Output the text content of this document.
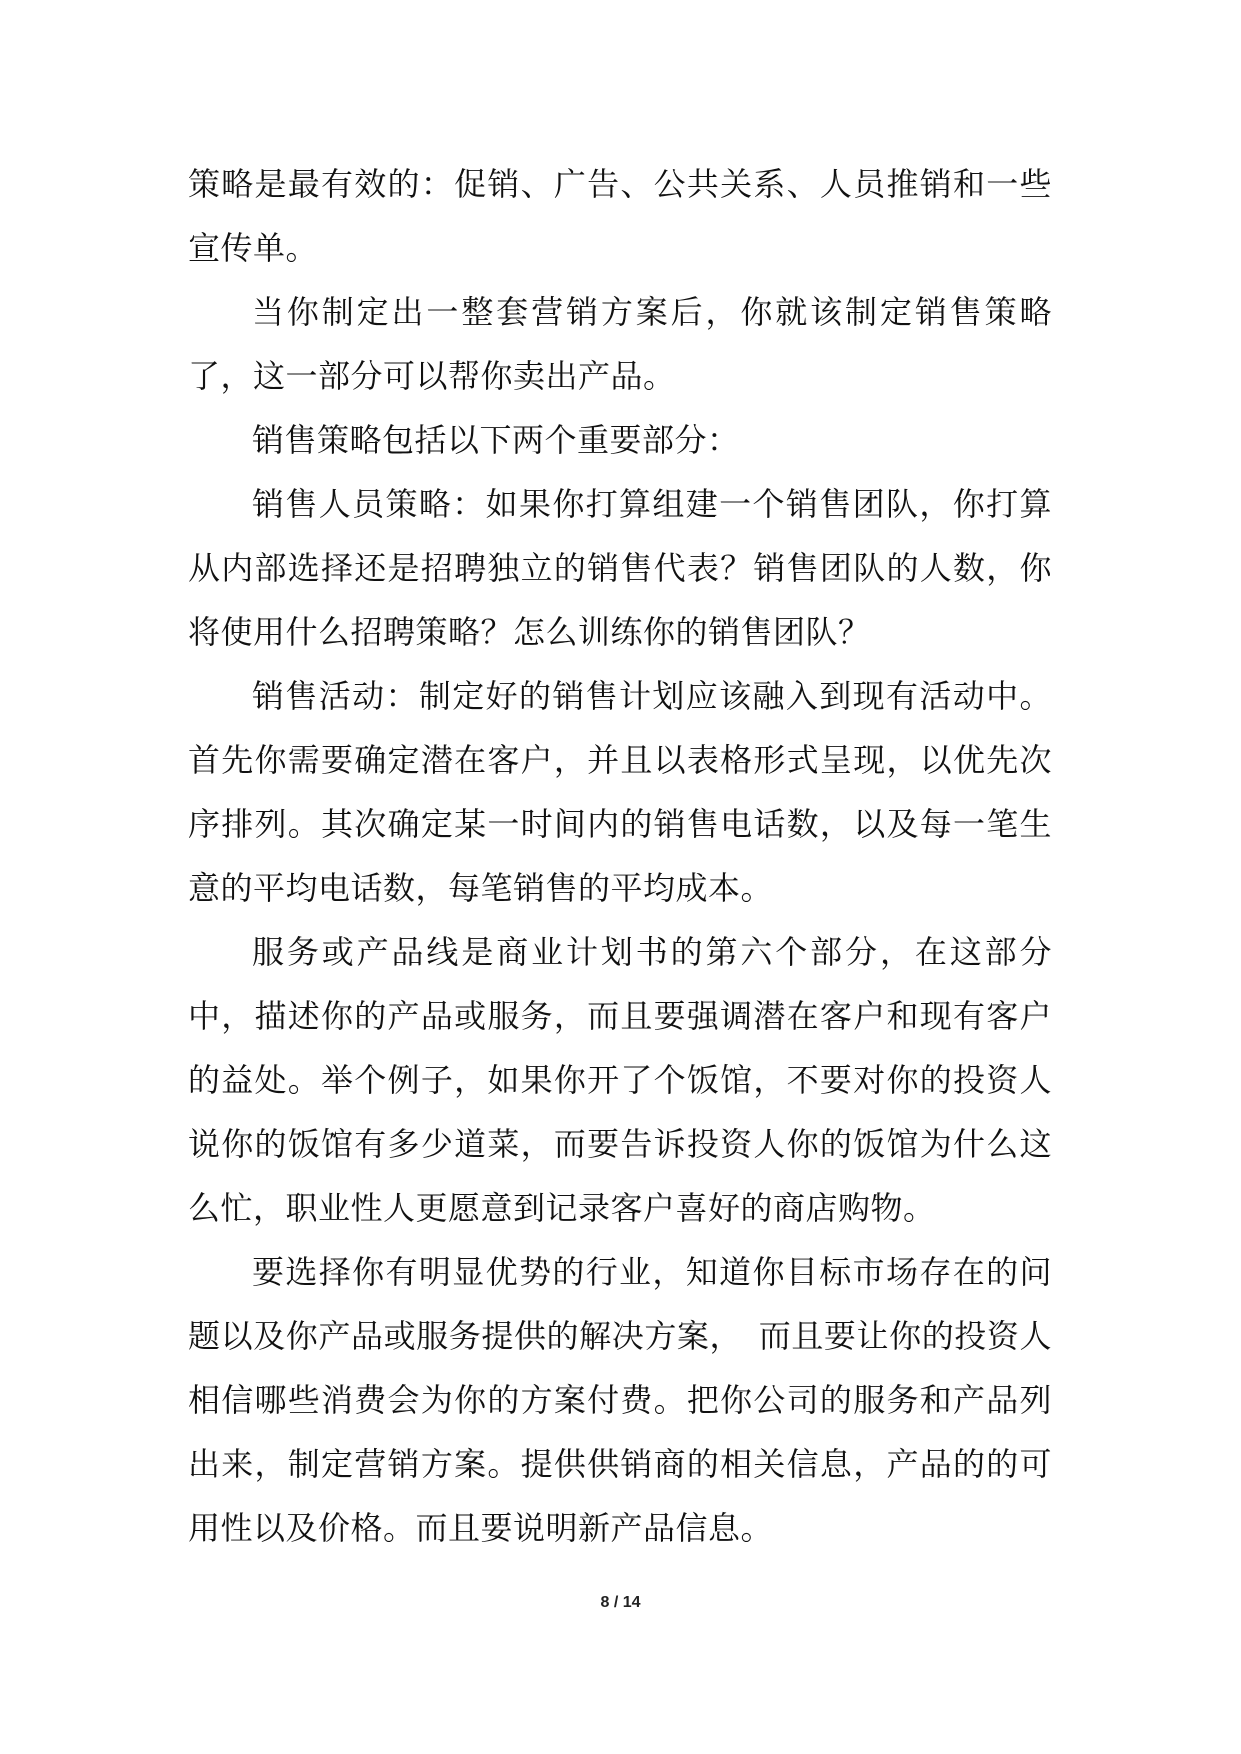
策略是最有效的：促销、广告、公共关系、人员推销和一些宣传单。

当你制定出一整套营销方案后，你就该制定销售策略了，这一部分可以帮你卖出产品。

销售策略包括以下两个重要部分：

销售人员策略：如果你打算组建一个销售团队，你打算从内部选择还是招聘独立的销售代表？销售团队的人数，你将使用什么招聘策略？怎么训练你的销售团队？

销售活动：制定好的销售计划应该融入到现有活动中。首先你需要确定潜在客户，并且以表格形式呈现，以优先次序排列。其次确定某一时间内的销售电话数，以及每一笔生意的平均电话数，每笔销售的平均成本。

服务或产品线是商业计划书的第六个部分，在这部分中，描述你的产品或服务，而且要强调潜在客户和现有客户的益处。举个例子，如果你开了个饭馆，不要对你的投资人说你的饭馆有多少道菜，而要告诉投资人你的饭馆为什么这么忙，职业性人更愿意到记录客户喜好的商店购物。

要选择你有明显优势的行业，知道你目标市场存在的问题以及你产品或服务提供的解决方案，　而且要让你的投资人相信哪些消费会为你的方案付费。把你公司的服务和产品列出来，制定营销方案。提供供销商的相关信息，产品的的可用性以及价格。而且要说明新产品信息。

8 / 14
